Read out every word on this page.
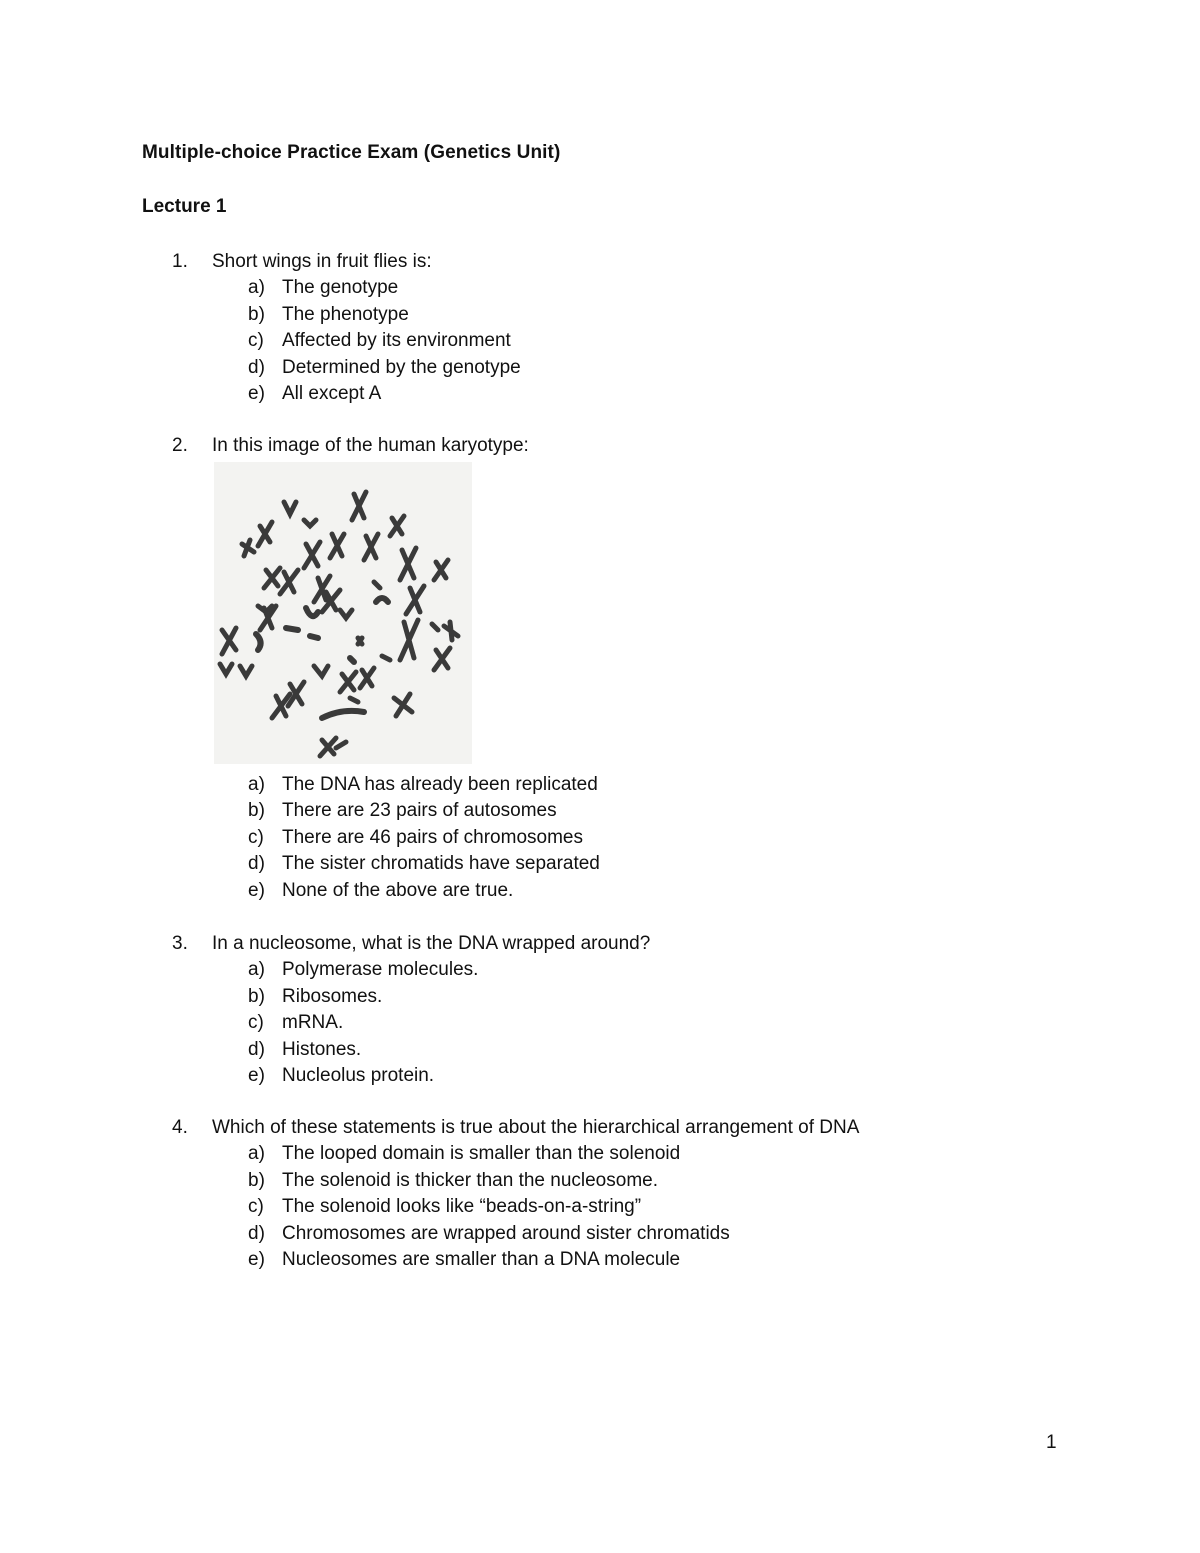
Multiple-choice Practice Exam (Genetics Unit)
Lecture 1
1.	Short wings in fruit flies is:
a) The genotype
b) The phenotype
c) Affected by its environment
d) Determined by the genotype
e) All except A
2.	In this image of the human karyotype:
a) The DNA has already been replicated
b) There are 23 pairs of autosomes
c) There are 46 pairs of chromosomes
d) The sister chromatids have separated
e) None of the above are true.
3.	In a nucleosome, what is the DNA wrapped around?
a) Polymerase molecules.
b) Ribosomes.
c) mRNA.
d) Histones.
e) Nucleolus protein.
4.	Which of these statements is true about the hierarchical arrangement of DNA
a) The looped domain is smaller than the solenoid
b) The solenoid is thicker than the nucleosome.
c) The solenoid looks like “beads-on-a-string”
d) Chromosomes are wrapped around sister chromatids
e) Nucleosomes are smaller than a DNA molecule
1
